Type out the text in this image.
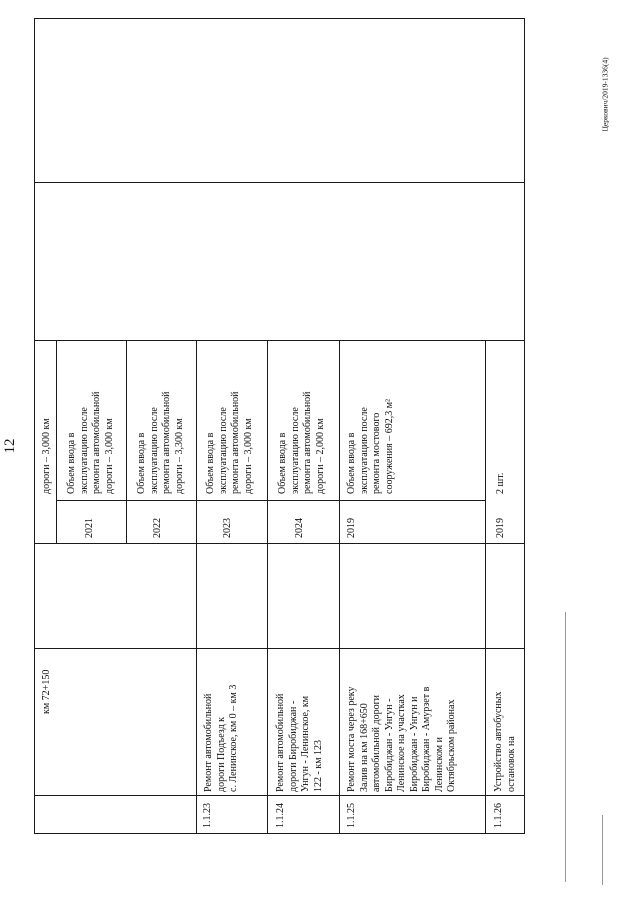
12
Церкович/2019-1336(4)
км 72+150
дороги – 3,000 км
2021
Объем ввода в
эксплуатацию после
ремонта автомобильной
дороги – 3,000 км
2022
Объем ввода в
эксплуатацию после
ремонта автомобильной
дороги – 3,300 км
1.1.23
Ремонт автомобильной
дороги Подъезд к
с. Ленинское, км 0 – км 3
2023
Объем ввода в
эксплуатацию после
ремонта автомобильной
дороги – 3,000 км
1.1.24
Ремонт автомобильной
дороги Биробиджан -
Унгун - Ленинское, км
122 - км 123
2024
Объем ввода в
эксплуатацию после
ремонта автомобильной
дороги – 2,000 км
1.1.25
Ремонт моста через реку
Залив на км 168+650
автомобильной дороги
Биробиджан - Унгун -
Ленинское на участках
Биробиджан - Унгун и
Биробиджан - Амурзет в
Ленинском и
Октябрьском районах
2019
Объем ввода в
эксплуатацию после
ремонта мостового
сооружения – 692,3 м²
1.1.26
Устройство автобусных
остановок на
2019
2 шт.
